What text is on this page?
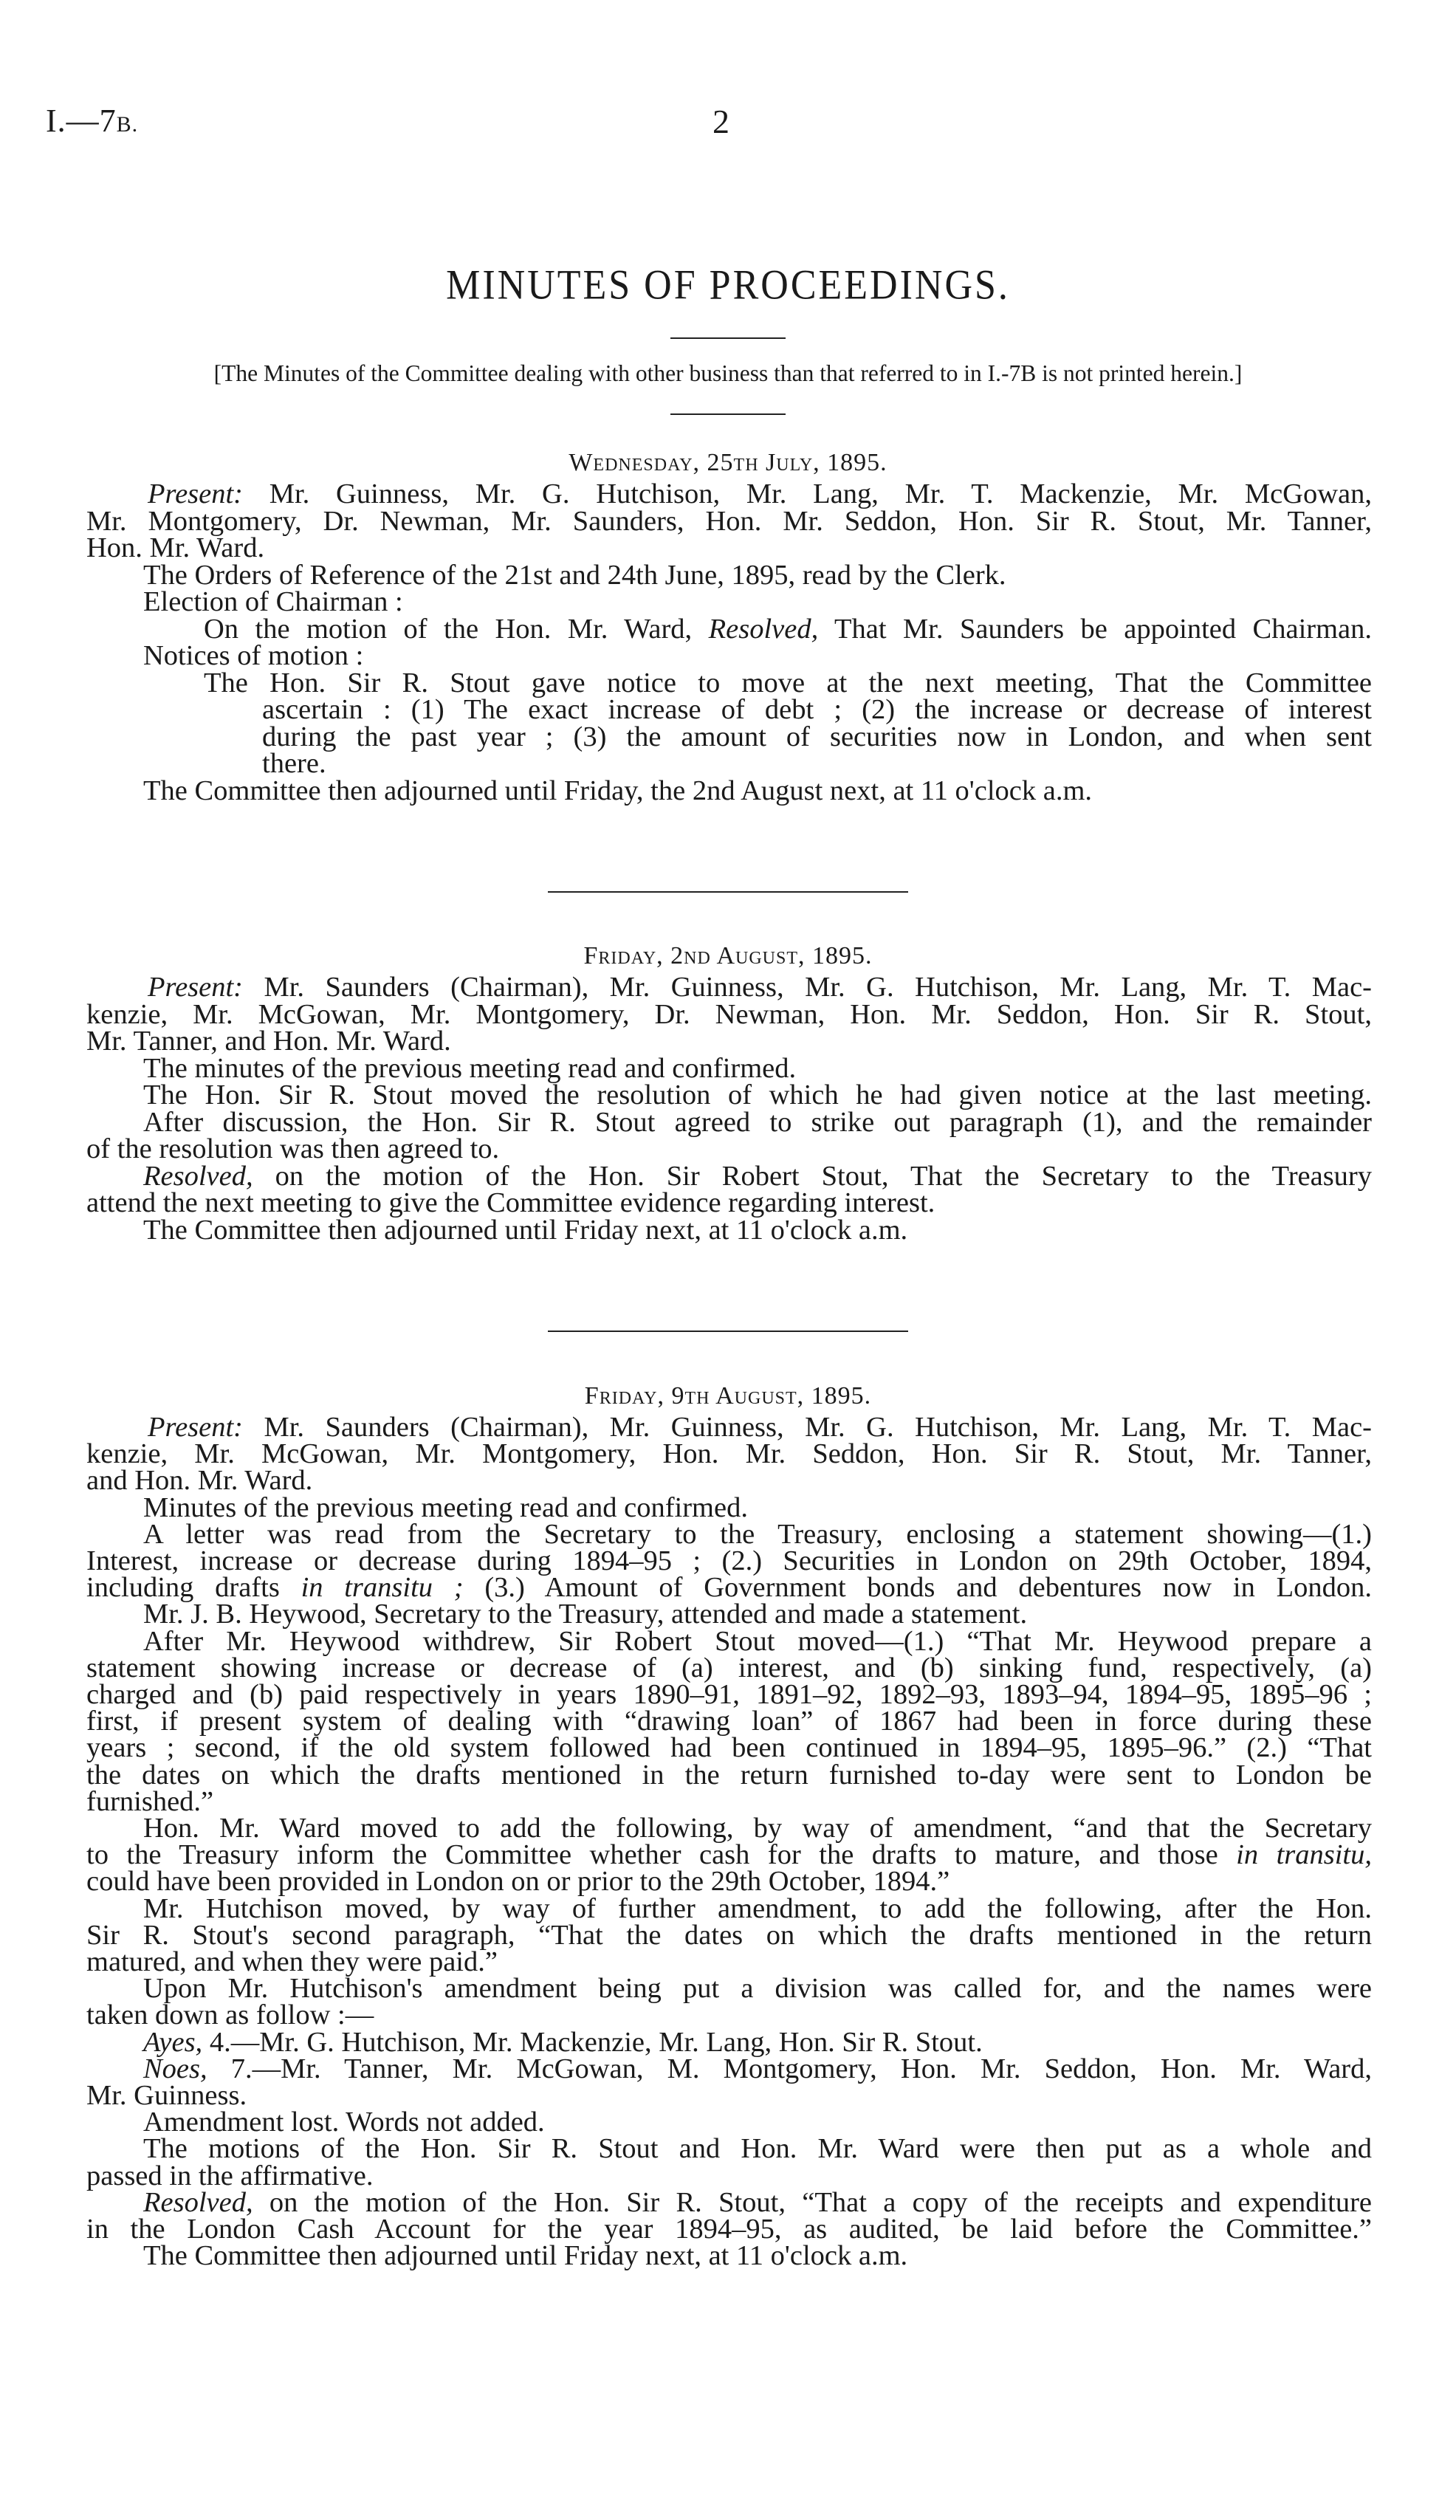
I.—7B.	2
MINUTES OF PROCEEDINGS.
[The Minutes of the Committee dealing with other business than that referred to in I.-7B is not printed herein.]
Wednesday, 25th July, 1895.
Present: Mr. Guinness, Mr. G. Hutchison, Mr. Lang, Mr. T. Mackenzie, Mr. McGowan,
Mr. Montgomery, Dr. Newman, Mr. Saunders, Hon. Mr. Seddon, Hon. Sir R. Stout, Mr. Tanner,
Hon. Mr. Ward.
The Orders of Reference of the 21st and 24th June, 1895, read by the Clerk.
Election of Chairman :
On the motion of the Hon. Mr. Ward, Resolved, That Mr. Saunders be appointed Chairman.
Notices of motion :
The Hon. Sir R. Stout gave notice to move at the next meeting, That the Committee
ascertain : (1) The exact increase of debt ; (2) the increase or decrease of interest
during the past year ; (3) the amount of securities now in London, and when sent
there.
The Committee then adjourned until Friday, the 2nd August next, at 11 o'clock a.m.
Friday, 2nd August, 1895.
Present: Mr. Saunders (Chairman), Mr. Guinness, Mr. G. Hutchison, Mr. Lang, Mr. T. Mac-
kenzie, Mr. McGowan, Mr. Montgomery, Dr. Newman, Hon. Mr. Seddon, Hon. Sir R. Stout,
Mr. Tanner, and Hon. Mr. Ward.
The minutes of the previous meeting read and confirmed.
The Hon. Sir R. Stout moved the resolution of which he had given notice at the last meeting.
After discussion, the Hon. Sir R. Stout agreed to strike out paragraph (1), and the remainder
of the resolution was then agreed to.
Resolved, on the motion of the Hon. Sir Robert Stout, That the Secretary to the Treasury
attend the next meeting to give the Committee evidence regarding interest.
The Committee then adjourned until Friday next, at 11 o'clock a.m.
Friday, 9th August, 1895.
Present: Mr. Saunders (Chairman), Mr. Guinness, Mr. G. Hutchison, Mr. Lang, Mr. T. Mac-
kenzie, Mr. McGowan, Mr. Montgomery, Hon. Mr. Seddon, Hon. Sir R. Stout, Mr. Tanner,
and Hon. Mr. Ward.
Minutes of the previous meeting read and confirmed.
A letter was read from the Secretary to the Treasury, enclosing a statement showing—(1.)
Interest, increase or decrease during 1894–95 ; (2.) Securities in London on 29th October, 1894,
including drafts in transitu ; (3.) Amount of Government bonds and debentures now in London.
Mr. J. B. Heywood, Secretary to the Treasury, attended and made a statement.
After Mr. Heywood withdrew, Sir Robert Stout moved—(1.) “That Mr. Heywood prepare a
statement showing increase or decrease of (a) interest, and (b) sinking fund, respectively, (a)
charged and (b) paid respectively in years 1890–91, 1891–92, 1892–93, 1893–94, 1894–95, 1895–96 ;
first, if present system of dealing with “drawing loan” of 1867 had been in force during these
years ; second, if the old system followed had been continued in 1894–95, 1895–96.” (2.) “That
the dates on which the drafts mentioned in the return furnished to-day were sent to London be
furnished.”
Hon. Mr. Ward moved to add the following, by way of amendment, “and that the Secretary
to the Treasury inform the Committee whether cash for the drafts to mature, and those in transitu,
could have been provided in London on or prior to the 29th October, 1894.”
Mr. Hutchison moved, by way of further amendment, to add the following, after the Hon.
Sir R. Stout's second paragraph, “That the dates on which the drafts mentioned in the return
matured, and when they were paid.”
Upon Mr. Hutchison's amendment being put a division was called for, and the names were
taken down as follow :—
Ayes, 4.—Mr. G. Hutchison, Mr. Mackenzie, Mr. Lang, Hon. Sir R. Stout.
Noes, 7.—Mr. Tanner, Mr. McGowan, M. Montgomery, Hon. Mr. Seddon, Hon. Mr. Ward,
Mr. Guinness.
Amendment lost. Words not added.
The motions of the Hon. Sir R. Stout and Hon. Mr. Ward were then put as a whole and
passed in the affirmative.
Resolved, on the motion of the Hon. Sir R. Stout, “That a copy of the receipts and expenditure
in the London Cash Account for the year 1894–95, as audited, be laid before the Committee.”
The Committee then adjourned until Friday next, at 11 o'clock a.m.
